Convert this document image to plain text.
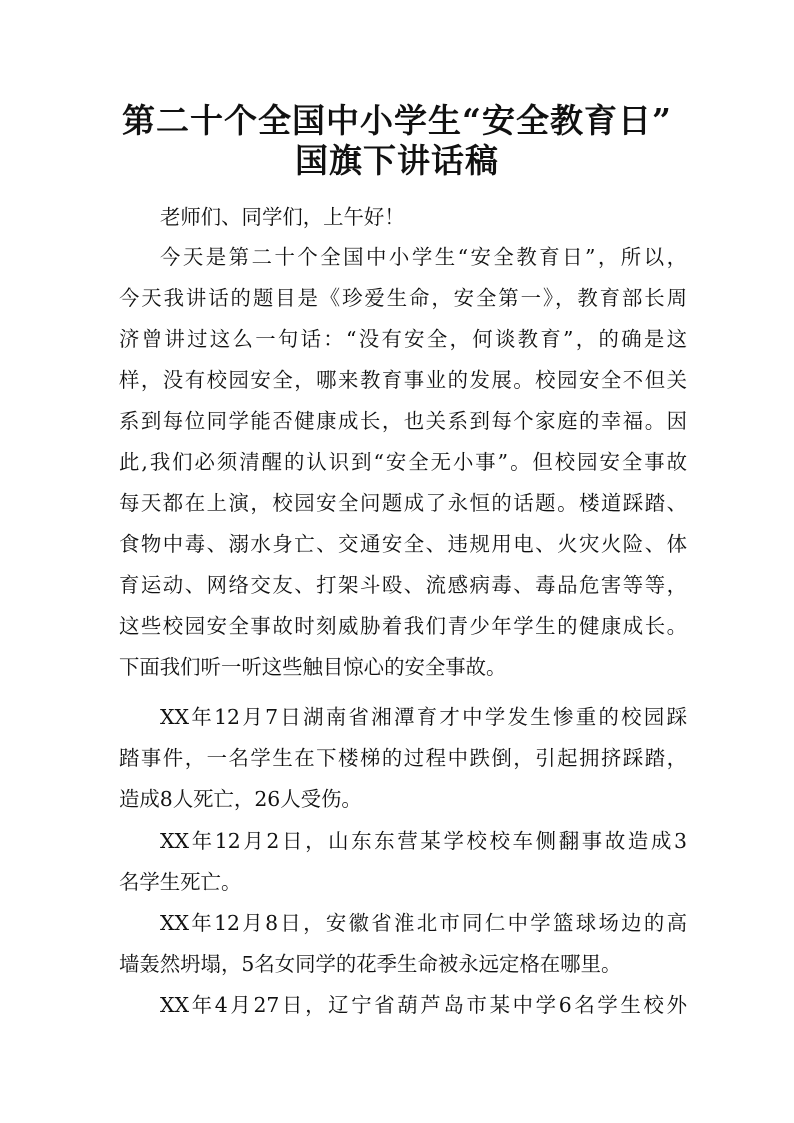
第二十个全国中小学生“安全教育日”
国旗下讲话稿

老师们、同学们，上午好！

今天是第二十个全国中小学生“安全教育日”，所以，

今天我讲话的题目是《珍爱生命，安全第一》，教育部长周

济曾讲过这么一句话：“没有安全，何谈教育”，的确是这

样，没有校园安全，哪来教育事业的发展。校园安全不但关

系到每位同学能否健康成长，也关系到每个家庭的幸福。因

此,我们必须清醒的认识到“安全无小事”。但校园安全事故

每天都在上演，校园安全问题成了永恒的话题。楼道踩踏、

食物中毒、溺水身亡、交通安全、违规用电、火灾火险、体

育运动、网络交友、打架斗殴、流感病毒、毒品危害等等，

这些校园安全事故时刻威胁着我们青少年学生的健康成长。

下面我们听一听这些触目惊心的安全事故。

XX年12月7日湖南省湘潭育才中学发生惨重的校园踩

踏事件，一名学生在下楼梯的过程中跌倒，引起拥挤踩踏，

造成8人死亡，26人受伤。

XX年12月2日，山东东营某学校校车侧翻事故造成3

名学生死亡。

XX年12月8日，安徽省淮北市同仁中学篮球场边的高

墙轰然坍塌，5名女同学的花季生命被永远定格在哪里。

XX年4月27日，辽宁省葫芦岛市某中学6名学生校外
